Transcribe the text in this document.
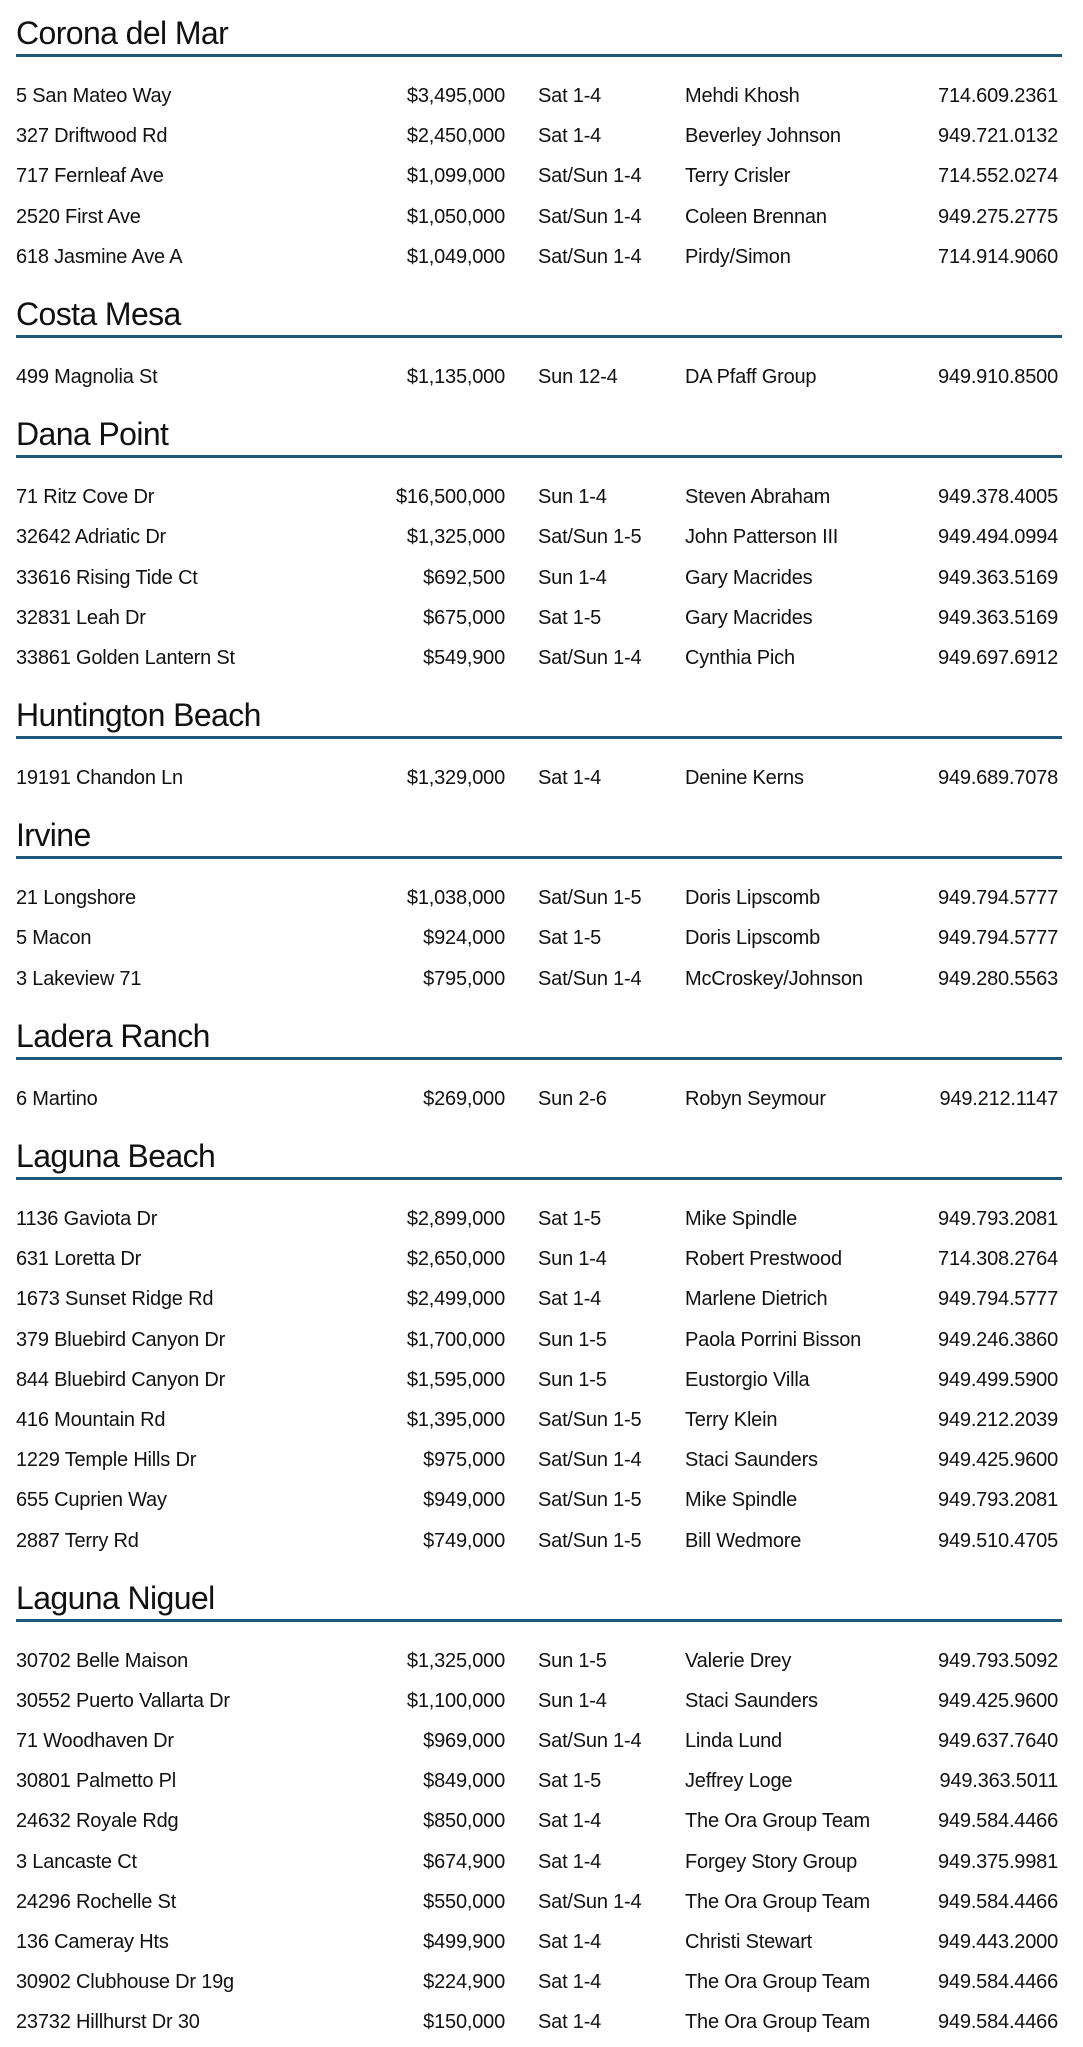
Corona del Mar
5 San Mateo Way	$3,495,000 Sat 1-4	Mehdi Khosh	714.609.2361
327 Driftwood Rd	$2,450,000 Sat 1-4	Beverley Johnson	949.721.0132
717 Fernleaf Ave	$1,099,000 Sat/Sun 1-4 Terry Crisler	714.552.0274
2520 First Ave	$1,050,000 Sat/Sun 1-4 Coleen Brennan	949.275.2775
618 Jasmine Ave A	$1,049,000 Sat/Sun 1-4 Pirdy/Simon	714.914.9060
Costa Mesa
499 Magnolia St	$1,135,000 Sun 12-4	DA Pfaff Group	949.910.8500
Dana Point
71 Ritz Cove Dr	$16,500,000 Sun 1-4	Steven Abraham	949.378.4005
32642 Adriatic Dr	$1,325,000 Sat/Sun 1-5 John Patterson III	949.494.0994
33616 Rising Tide Ct	$692,500 Sun 1-4	Gary Macrides	949.363.5169
32831 Leah Dr	$675,000 Sat 1-5	Gary Macrides	949.363.5169
33861 Golden Lantern St	$549,900 Sat/Sun 1-4 Cynthia Pich	949.697.6912
Huntington Beach
19191 Chandon Ln	$1,329,000 Sat 1-4	Denine Kerns	949.689.7078
Irvine
21 Longshore	$1,038,000 Sat/Sun 1-5 Doris Lipscomb	949.794.5777
5 Macon	$924,000 Sat 1-5	Doris Lipscomb	949.794.5777
3 Lakeview 71	$795,000 Sat/Sun 1-4 McCroskey/Johnson	949.280.5563
Ladera Ranch
6 Martino	$269,000 Sun 2-6	Robyn Seymour	949.212.1147
Laguna Beach
1136 Gaviota Dr	$2,899,000 Sat 1-5	Mike Spindle	949.793.2081
631 Loretta Dr	$2,650,000 Sun 1-4	Robert Prestwood	714.308.2764
1673 Sunset Ridge Rd	$2,499,000 Sat 1-4	Marlene Dietrich	949.794.5777
379 Bluebird Canyon Dr	$1,700,000 Sun 1-5	Paola Porrini Bisson	949.246.3860
844 Bluebird Canyon Dr	$1,595,000 Sun 1-5	Eustorgio Villa	949.499.5900
416 Mountain Rd	$1,395,000 Sat/Sun 1-5 Terry Klein	949.212.2039
1229 Temple Hills Dr	$975,000 Sat/Sun 1-4 Staci Saunders	949.425.9600
655 Cuprien Way	$949,000 Sat/Sun 1-5 Mike Spindle	949.793.2081
2887 Terry Rd	$749,000 Sat/Sun 1-5 Bill Wedmore	949.510.4705
Laguna Niguel
30702 Belle Maison	$1,325,000 Sun 1-5	Valerie Drey	949.793.5092
30552 Puerto Vallarta Dr	$1,100,000 Sun 1-4	Staci Saunders	949.425.9600
71 Woodhaven Dr	$969,000 Sat/Sun 1-4 Linda Lund	949.637.7640
30801 Palmetto Pl	$849,000 Sat 1-5	Jeffrey Loge	949.363.5011
24632 Royale Rdg	$850,000 Sat 1-4	The Ora Group Team	949.584.4466
3 Lancaste Ct	$674,900 Sat 1-4	Forgey Story Group	949.375.9981
24296 Rochelle St	$550,000 Sat/Sun 1-4 The Ora Group Team	949.584.4466
136 Cameray Hts	$499,900 Sat 1-4	Christi Stewart	949.443.2000
30902 Clubhouse Dr 19g	$224,900 Sat 1-4	The Ora Group Team	949.584.4466
23732 Hillhurst Dr 30	$150,000 Sat 1-4	The Ora Group Team	949.584.4466
